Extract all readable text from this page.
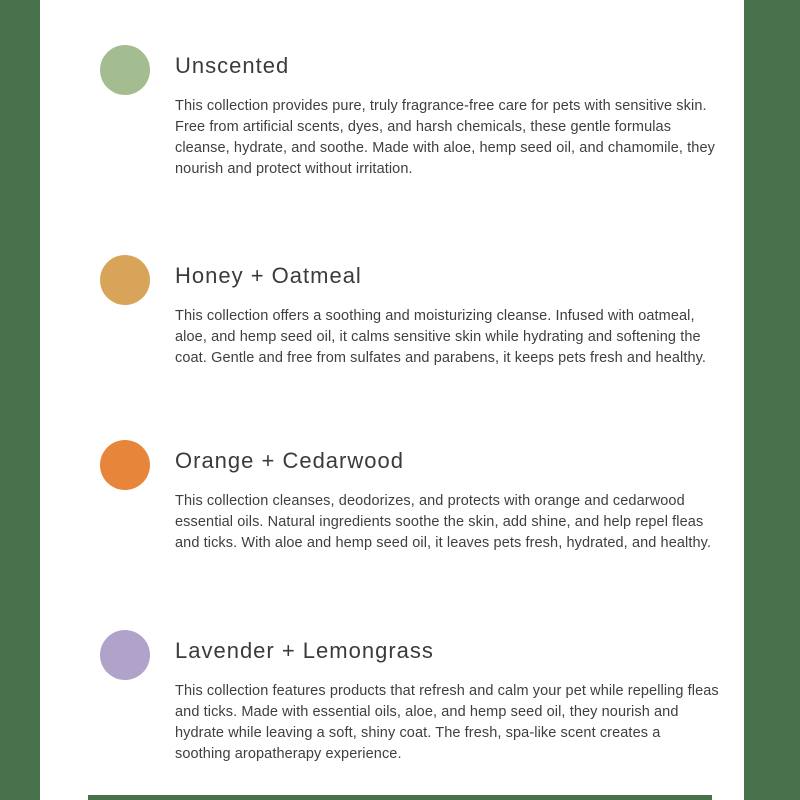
Unscented

This collection provides pure, truly fragrance-free care for pets with sensitive skin. Free from artificial scents, dyes, and harsh chemicals, these gentle formulas cleanse, hydrate, and soothe. Made with aloe, hemp seed oil, and chamomile, they nourish and protect without irritation.

Honey + Oatmeal

This collection offers a soothing and moisturizing cleanse. Infused with oatmeal, aloe, and hemp seed oil, it calms sensitive skin while hydrating and softening the coat. Gentle and free from sulfates and parabens, it keeps pets fresh and healthy.

Orange + Cedarwood

This collection cleanses, deodorizes, and protects with orange and cedarwood essential oils. Natural ingredients soothe the skin, add shine, and help repel fleas and ticks. With aloe and hemp seed oil, it leaves pets fresh, hydrated, and healthy.

Lavender + Lemongrass

This collection features products that refresh and calm your pet while repelling fleas and ticks. Made with essential oils, aloe, and hemp seed oil, they nourish and hydrate while leaving a soft, shiny coat. The fresh, spa-like scent creates a soothing aropatherapy experience.
